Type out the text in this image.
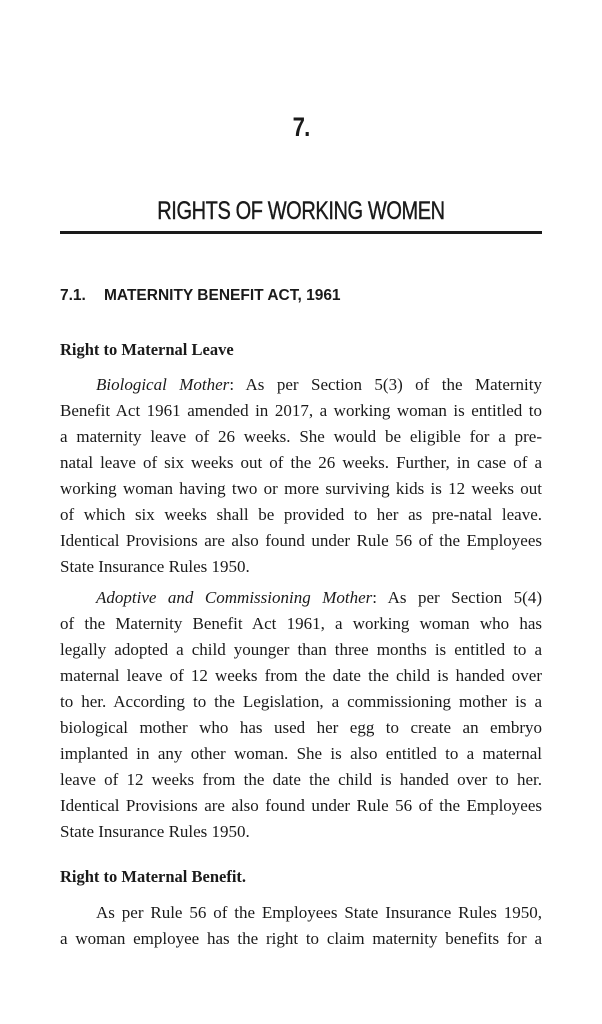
7.
RIGHTS OF WORKING WOMEN
7.1. MATERNITY BENEFIT ACT, 1961
Right to Maternal Leave
Biological Mother: As per Section 5(3) of the Maternity
Benefit Act 1961 amended in 2017, a working woman is entitled to
a maternity leave of 26 weeks. She would be eligible for a pre-
natal leave of six weeks out of the 26 weeks. Further, in case of a
working woman having two or more surviving kids is 12 weeks out
of which six weeks shall be provided to her as pre-natal leave.
Identical Provisions are also found under Rule 56 of the Employees
State Insurance Rules 1950.
Adoptive and Commissioning Mother: As per Section 5(4)
of the Maternity Benefit Act 1961, a working woman who has
legally adopted a child younger than three months is entitled to a
maternal leave of 12 weeks from the date the child is handed over
to her. According to the Legislation, a commissioning mother is a
biological mother who has used her egg to create an embryo
implanted in any other woman. She is also entitled to a maternal
leave of 12 weeks from the date the child is handed over to her.
Identical Provisions are also found under Rule 56 of the Employees
State Insurance Rules 1950.
Right to Maternal Benefit.
As per Rule 56 of the Employees State Insurance Rules 1950,
a woman employee has the right to claim maternity benefits for a
